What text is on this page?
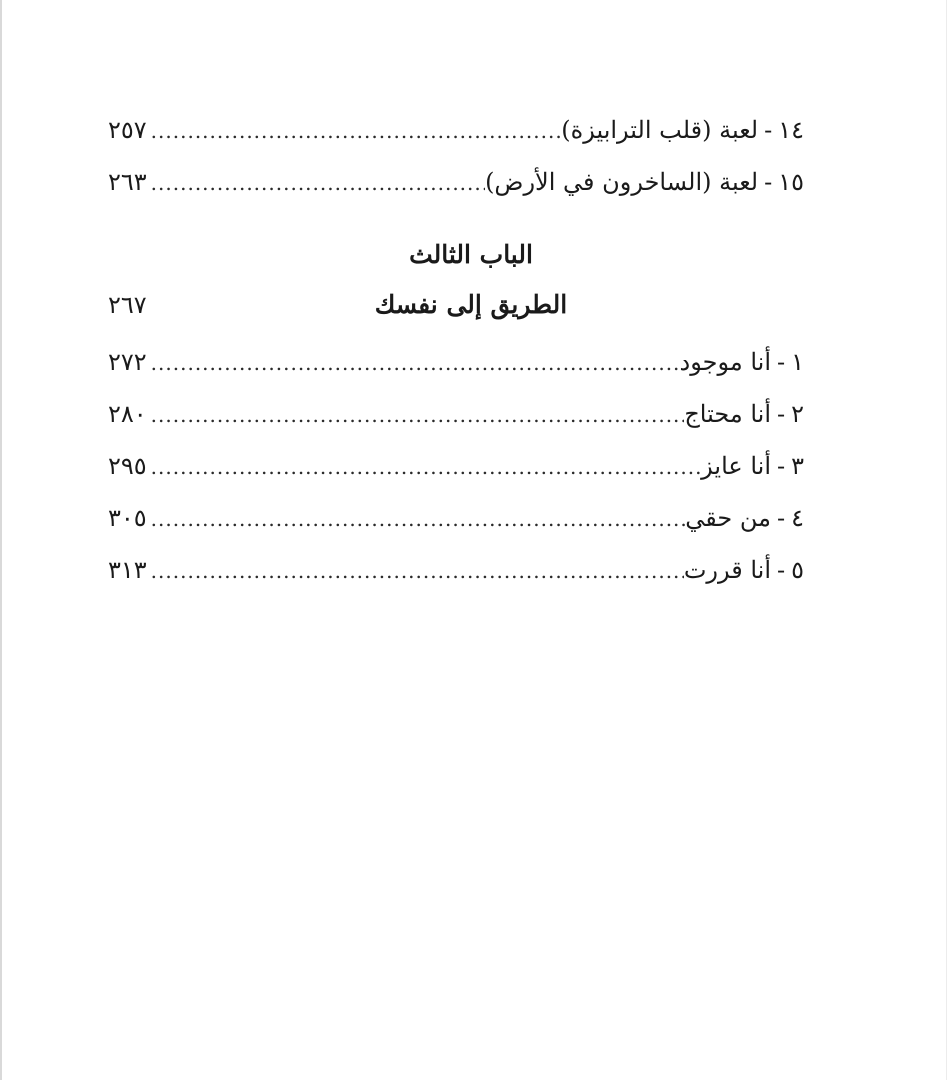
١٤
-
لعبة (قلب الترابيزة)
.....
٢٥٧
١٥
-
لعبة (الساخرون في الأرض)
.....
٢٦٣
الباب الثالث
الطريق إلى نفسك
٢٦٧
١
-
أنا موجود
.....
٢٧٢
٢
-
أنا محتاج
.....
٢٨٠
٣
-
أنا عايز
.....
٢٩٥
٤
-
من حقي
.....
٣٠٥
٥
-
أنا قررت
.....
٣١٣
